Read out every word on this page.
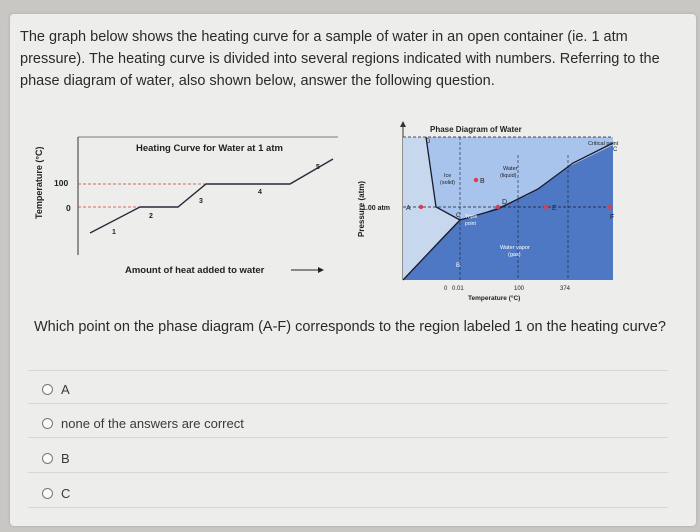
The graph below shows the heating curve for a sample of water in an open container (ie. 1 atm pressure). The heating curve is divided into several regions indicated with numbers. Referring to the phase diagram of water, also shown below, answer the following question.
Heating Curve for Water at 1 atm
Temperature (°C) 100
0
1
2
3
4
5
Amount of heat added to water
Phase Diagram of Water
Pressure (atm)
Ice
(solid)
Water
(liquid)
Water vapor
(gas)
Triple
point
Critical point
1.00 atm A
B
C
D
E
F
C
B
D
0 0.01	100	374
Temperature (°C)
Which point on the phase diagram (A-F) corresponds to the region labeled 1 on the heating curve?
A
none of the answers are correct
B
C
